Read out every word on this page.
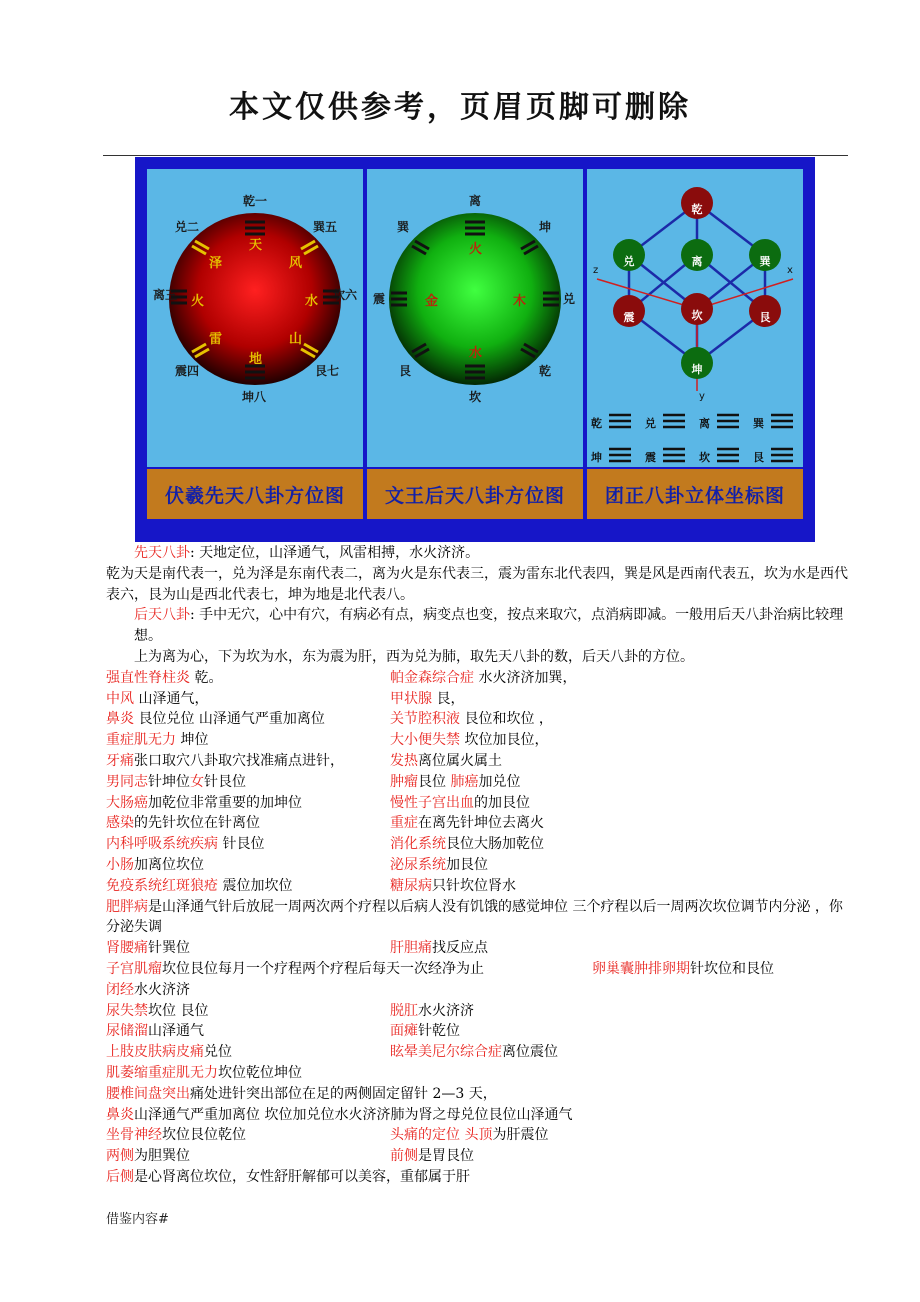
本文仅供参考，页眉页脚可删除
乾一
兑二
离三
震四
坤八
艮七
坎六
巽五
天
泽
火
雷
地
山
水
风
离
巽
震
艮
坎
乾
兑
坤
火
木
金
水
z	x
y
乾
兑	离	巽
震	坎	艮
坤
乾	兑	离	巽
坤	震	坎	艮
伏羲先天八卦方位图	文王后天八卦方位图	团正八卦立体坐标图
先天八卦: 天地定位，山泽通气，风雷相搏，水火济济。
乾为天是南代表一，兑为泽是东南代表二，离为火是东代表三，震为雷东北代表四，巽是风是西南代表五，坎为水是西代表六，艮为山是西北代表七，坤为地是北代表八。
后天八卦: 手中无穴，心中有穴，有病必有点，病变点也变，按点来取穴，点消病即减。一般用后天八卦治病比较理想。
上为离为心，下为坎为水，东为震为肝，西为兑为肺，取先天八卦的数，后天八卦的方位。
强直性脊柱炎 乾。	帕金森综合症 水火济济加巽，
中风 山泽通气，	甲状腺 艮，
鼻炎 艮位兑位 山泽通气严重加离位	关节腔积液 艮位和坎位 ，
重症肌无力 坤位	大小便失禁 坎位加艮位，
牙痛张口取穴八卦取穴找准痛点进针，	发热离位属火属土
男同志针坤位女针艮位	肿瘤艮位 肺癌加兑位
大肠癌加乾位非常重要的加坤位	慢性子宫出血的加艮位
感染的先针坎位在针离位	重症在离先针坤位去离火
内科呼吸系统疾病 针艮位	消化系统艮位大肠加乾位
小肠加离位坎位	泌尿系统加艮位
免疫系统红斑狼疮 震位加坎位	糖尿病只针坎位肾水
肥胖病是山泽通气针后放屁一周两次两个疗程以后病人没有饥饿的感觉坤位 三个疗程以后一周两次坎位调节内分泌 ，你分泌失调
肾腰痛针巽位	肝胆痛找反应点
子宫肌瘤坎位艮位每月一个疗程两个疗程后每天一次经净为止	卵巢囊肿排卵期针坎位和艮位
闭经水火济济
尿失禁坎位 艮位	脱肛水火济济
尿储溜山泽通气	面瘫针乾位
上肢皮肤病皮痛兑位	眩晕美尼尔综合症离位震位
肌萎缩重症肌无力坎位乾位坤位
腰椎间盘突出痛处进针突出部位在足的两侧固定留针 2—3 天，
鼻炎山泽通气严重加离位 坎位加兑位水火济济肺为肾之母兑位艮位山泽通气
坐骨神经坎位艮位乾位	头痛的定位 头顶为肝震位
两侧为胆巽位	前侧是胃艮位
后侧是心肾离位坎位，女性舒肝解郁可以美容，重郁属于肝
借鉴内容#
